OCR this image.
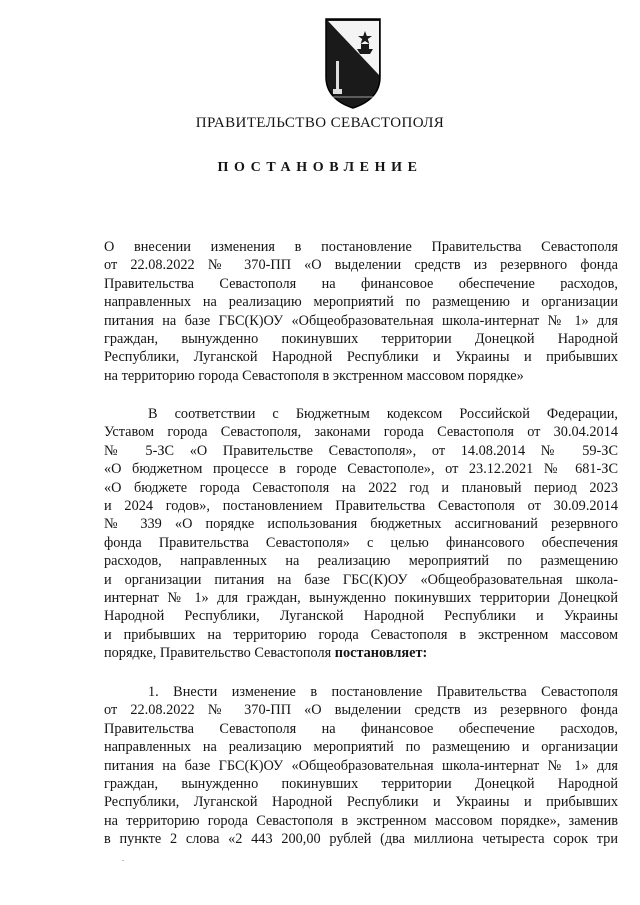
ПРАВИТЕЛЬСТВО СЕВАСТОПОЛЯ
ПОСТАНОВЛЕНИЕ
О внесении изменения в постановление Правительства Севастополя
от 22.08.2022 № 370-ПП «О выделении средств из резервного фонда
Правительства Севастополя на финансовое обеспечение расходов,
направленных на реализацию мероприятий по размещению и организации
питания на базе ГБС(К)ОУ «Общеобразовательная школа-интернат № 1» для
граждан, вынужденно покинувших территории Донецкой Народной
Республики, Луганской Народной Республики и Украины и прибывших
на территорию города Севастополя в экстренном массовом порядке»
В соответствии с Бюджетным кодексом Российской Федерации,
Уставом города Севастополя, законами города Севастополя от 30.04.2014
№ 5-ЗС «О Правительстве Севастополя», от 14.08.2014 № 59-ЗС
«О бюджетном процессе в городе Севастополе», от 23.12.2021 № 681-ЗС
«О бюджете города Севастополя на 2022 год и плановый период 2023
и 2024 годов», постановлением Правительства Севастополя от 30.09.2014
№ 339 «О порядке использования бюджетных ассигнований резервного
фонда Правительства Севастополя» с целью финансового обеспечения
расходов, направленных на реализацию мероприятий по размещению
и организации питания на базе ГБС(К)ОУ «Общеобразовательная школа-
интернат № 1» для граждан, вынужденно покинувших территории Донецкой
Народной Республики, Луганской Народной Республики и Украины
и прибывших на территорию города Севастополя в экстренном массовом
порядке, Правительство Севастополя постановляет:
1. Внести изменение в постановление Правительства Севастополя
от 22.08.2022 № 370-ПП «О выделении средств из резервного фонда
Правительства Севастополя на финансовое обеспечение расходов,
направленных на реализацию мероприятий по размещению и организации
питания на базе ГБС(К)ОУ «Общеобразовательная школа-интернат № 1» для
граждан, вынужденно покинувших территории Донецкой Народной
Республики, Луганской Народной Республики и Украины и прибывших
на территорию города Севастополя в экстренном массовом порядке», заменив
в пункте 2 слова «2 443 200,00 рублей (два миллиона четыреста сорок три
